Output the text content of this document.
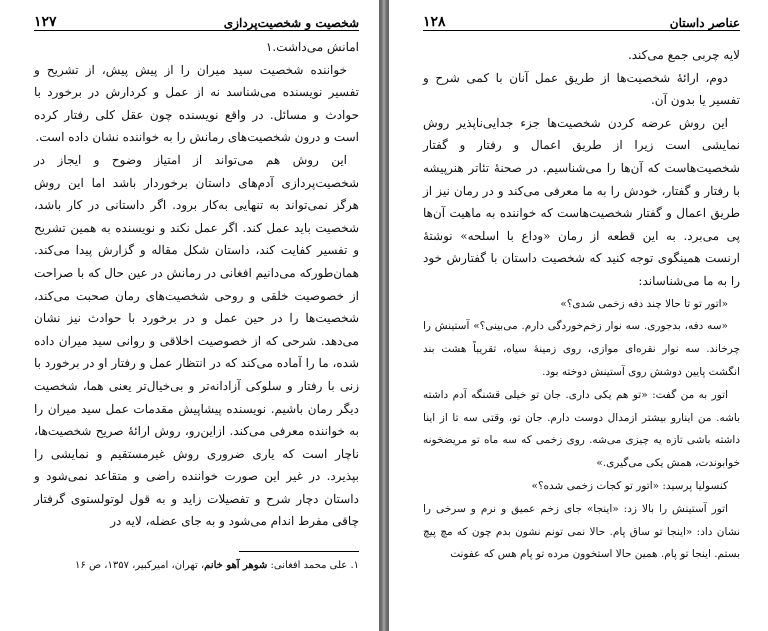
شخصیت و شخصیت‌پردازی
۱۲۷

امانش می‌داشت.۱

خواننده شخصیت سید میران را از پیش پیش، از تشریح و تفسیر نویسنده می‌شناسد نه از عمل و کردارش در برخورد با حوادث و مسائل. در واقع نویسنده چون عقل کلی رفتار کرده است و درون شخصیت‌های رمانش را به خواننده نشان داده است.

این روش هم می‌تواند از امتیاز وضوح و ایجاز در شخصیت‌پردازی آدم‌های داستان برخوردار باشد اما این روش هرگز نمی‌تواند به تنهایی به‌کار برود. اگر داستانی در کار باشد، شخصیت باید عمل کند. اگر عمل نکند و نویسنده به همین تشریح و تفسیر کفایت کند، داستان شکل مقاله و گزارش پیدا می‌کند. همان‌طورکه می‌دانیم افغانی در رمانش در عین حال که با صراحت از خصوصیت خلقی و روحی شخصیت‌های رمان صحبت می‌کند، شخصیت‌ها را در حین عمل و در برخورد با حوادث نیز نشان می‌دهد. شرحی که از خصوصیت اخلاقی و روانی سید میران داده شده، ما را آماده می‌کند که در انتظار عمل و رفتار او در برخورد با زنی با رفتار و سلوکی آزادانه‌تر و بی‌خیال‌تر یعنی هما، شخصیت دیگر رمان باشیم. نویسنده پیشاپیش مقدمات عمل سید میران را به خواننده معرفی می‌کند. ازاین‌رو، روش ارائهٔ صریح شخصیت‌ها، ناچار است که یاری ضروری روش غیرمستقیم و نمایشی را بپذیرد. در غیر این صورت خواننده راضی و متقاعد نمی‌شود و داستان دچار شرح و تفصیلات زاید و به قول لوتولستوی گرفتار چاقی مفرط اندام می‌شود و به جای عضله، لایه در

۱. علی محمد افغانی: شوهر آهو خانم، تهران، امیرکبیر، ۱۳۵۷، ص ۱۶
عناصر داستان
۱۲۸

لایه چربی جمع می‌کند.

دوم، ارائهٔ شخصیت‌ها از طریق عمل آنان با کمی شرح و تفسیر یا بدون آن.

این روش عرضه کردن شخصیت‌ها جزء جدایی‌ناپذیر روش نمایشی است زیرا از طریق اعمال و رفتار و گفتار شخصیت‌هاست که آن‌ها را می‌شناسیم. در صحنهٔ تئاتر هنرپیشه با رفتار و گفتار، خودش را به ما معرفی می‌کند و در رمان نیز از طریق اعمال و گفتار شخصیت‌هاست که خواننده به ماهیت آن‌ها پی می‌برد. به این قطعه از رمان «وداع با اسلحه» نوشتهٔ ارنست همینگوی توجه کنید که شخصیت داستان با گفتارش خود را به ما می‌شناساند:

«اتور تو تا حالا چند دفه زخمی شدی؟»

«سه دفه، بدجوری. سه نوار زخم‌خوردگی دارم. می‌بینی؟» آستینش را چرخاند. سه نوار نقره‌ای موازی، روی زمینهٔ سیاه، تقریباً هشت بند انگشت پایین دوشش روی آستینش دوخته بود.

اتور به من گفت: «تو هم یکی داری. جان تو خیلی قشنگه آدم داشته باشه. من اینارو بیشتر ازمدال دوست دارم. جان تو، وقتی سه تا از اینا داشته باشی تازه یه چیزی می‌شه. روی زخمی که سه ماه تو مریضخونه خوابوندت، همش یکی می‌گیری.»

کنسولیا پرسید: «اتور تو کجات زخمی شده؟»

اتور آستینش را بالا زد: «اینجا» جای زخم عمیق و نرم و سرخی را نشان داد: «اینجا تو ساق پام. حالا نمی تونم نشون بدم چون که مچ پیچ بستم. اینجا تو پام. همین حالا استخوون مرده تو پام هس که عفونت
